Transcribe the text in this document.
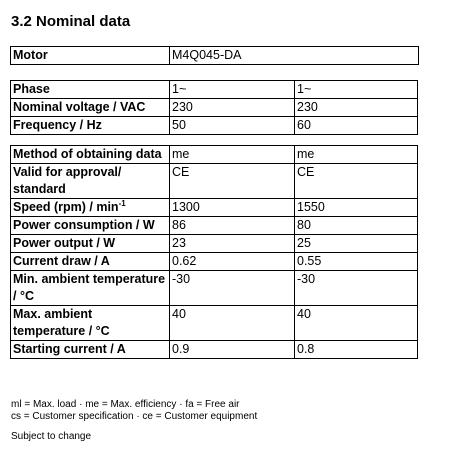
3.2 Nominal data
Motor	M4Q045-DA
Phase	1~	1~
Nominal voltage / VAC	230	230
Frequency / Hz	50	60
Method of obtaining data	me	me
Valid for approval/ standard	CE	CE
Speed $(rpm) / \min^{-1}$	1300	1550
Power consumption / W	86	80
Power output / W	23	25
Current draw / A	0.62	0.55
Min. ambient temperature / °C	-30	-30
Max. ambient temperature / °C	40	40
Starting current / A	0.9	0.8
ml = Max. load · me = Max. efficiency · fa = Free air
cs = Customer specification · ce = Customer equipment
Subject to change
